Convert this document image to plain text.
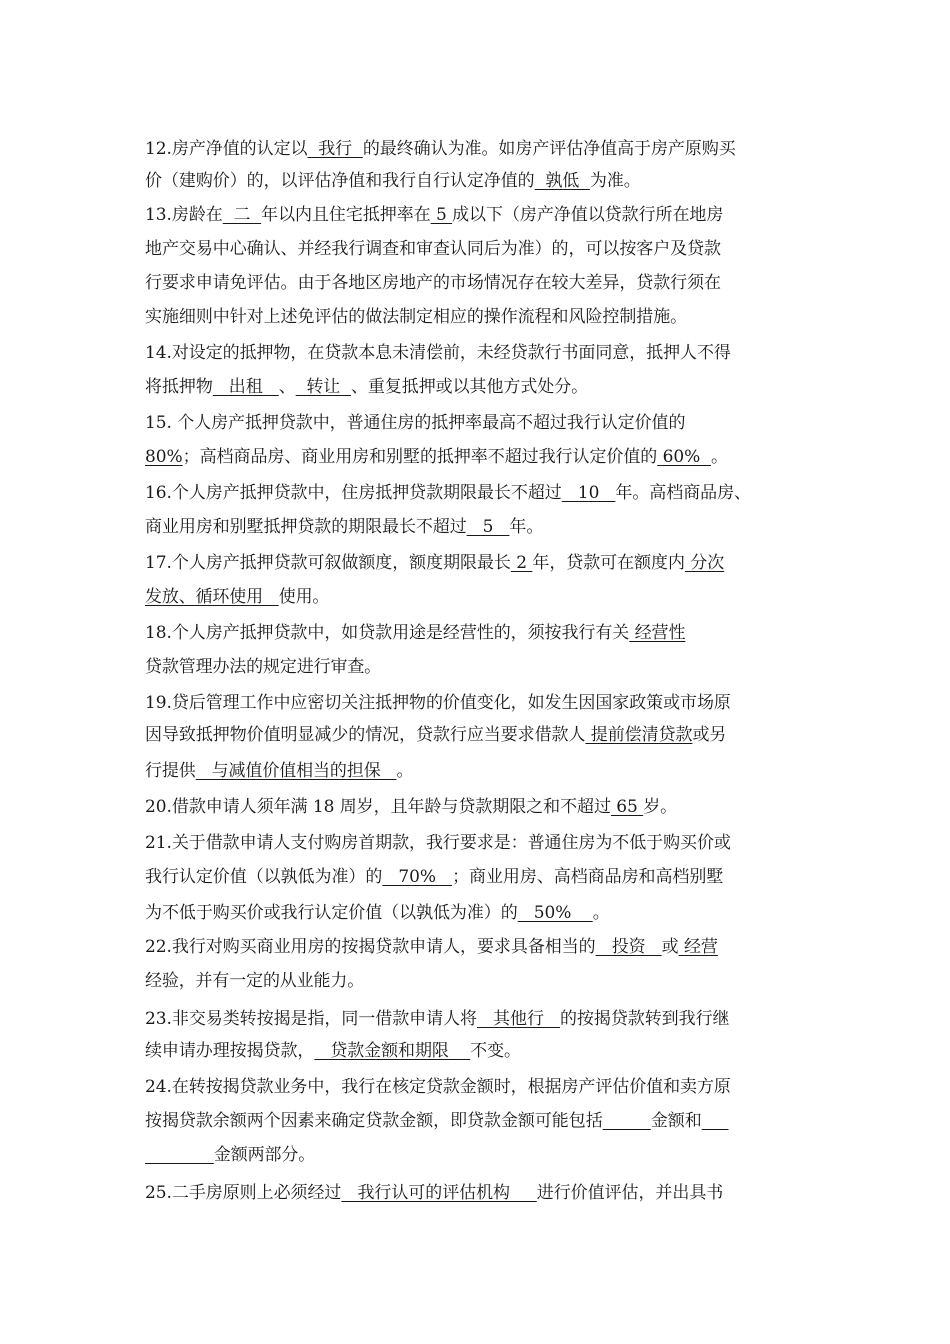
12.房产净值的认定以  我行  的最终确认为准。如房产评估净值高于房产原购买
价（建购价）的，以评估净值和我行自行认定净值的  孰低  为准。
13.房龄在  二  年以内且住宅抵押率在 5 成以下（房产净值以贷款行所在地房
地产交易中心确认、并经我行调查和审查认同后为准）的，可以按客户及贷款
行要求申请免评估。由于各地区房地产的市场情况存在较大差异，贷款行须在
实施细则中针对上述免评估的做法制定相应的操作流程和风险控制措施。
14.对设定的抵押物，在贷款本息未清偿前，未经贷款行书面同意，抵押人不得
将抵押物   出租   、  转让  、重复抵押或以其他方式处分。
15. 个人房产抵押贷款中，普通住房的抵押率最高不超过我行认定价值的
80%；高档商品房、商业用房和别墅的抵押率不超过我行认定价值的 60%  。
16.个人房产抵押贷款中，住房抵押贷款期限最长不超过   10   年。高档商品房、
商业用房和别墅抵押贷款的期限最长不超过   5   年。
17.个人房产抵押贷款可叙做额度，额度期限最长 2 年，贷款可在额度内 分次
发放、循环使用 使用。
18.个人房产抵押贷款中，如贷款用途是经营性的，须按我行有关 经营性
贷款管理办法的规定进行审查。
19.贷后管理工作中应密切关注抵押物的价值变化，如发生因国家政策或市场原
因导致抵押物价值明显减少的情况，贷款行应当要求借款人 提前偿清贷款或另
行提供   与减值价值相当的担保   。
20.借款申请人须年满 18 周岁，且年龄与贷款期限之和不超过 65 岁。
21.关于借款申请人支付购房首期款，我行要求是：普通住房为不低于购买价或
我行认定价值（以孰低为准）的   70%   ；商业用房、高档商品房和高档别墅
为不低于购买价或我行认定价值（以孰低为准）的   50%    。
22.我行对购买商业用房的按揭贷款申请人，要求具备相当的   投资   或 经营
经验，并有一定的从业能力。
23.非交易类转按揭是指，同一借款申请人将   其他行   的按揭贷款转到我行继
续申请办理按揭贷款，   贷款金额和期限    不变。
24.在转按揭贷款业务中，我行在核定贷款金额时，根据房产评估价值和卖方原
按揭贷款余额两个因素来确定贷款金额，即贷款金额可能包括	金额和
金额两部分。
25.二手房原则上必须经过   我行认可的评估机构     进行价值评估，并出具书
